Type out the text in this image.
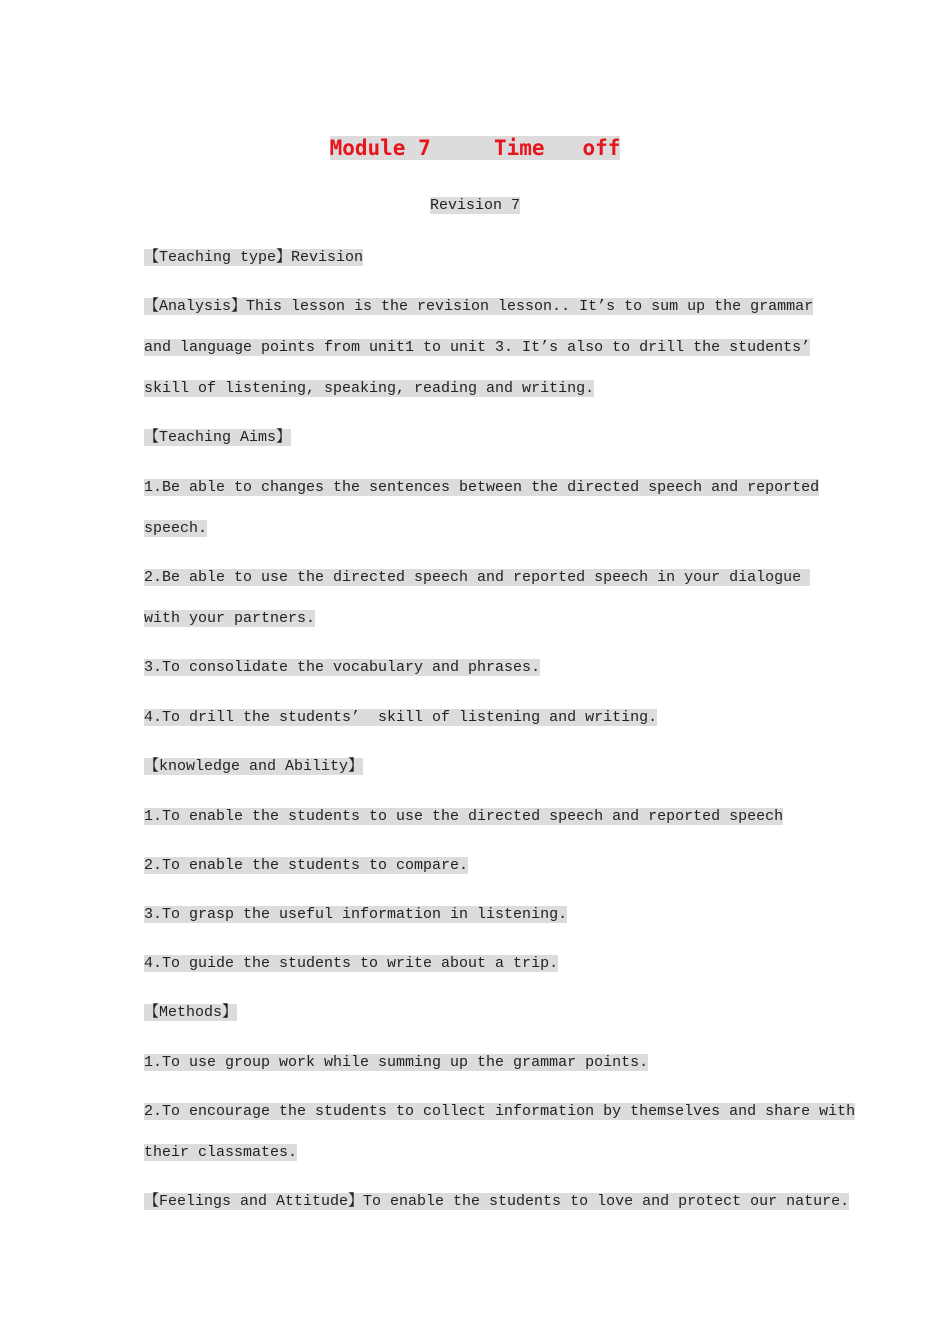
Module 7     Time   off
Revision 7
【Teaching type】Revision
【Analysis】This lesson is the revision lesson.. It’s to sum up the grammar
and language points from unit1 to unit 3. It’s also to drill the students’
skill of listening, speaking, reading and writing.
【Teaching Aims】
1.Be able to changes the sentences between the directed speech and reported
speech.
2.Be able to use the directed speech and reported speech in your dialogue
with your partners.
3.To consolidate the vocabulary and phrases.
4.To drill the students’  skill of listening and writing.
【knowledge and Ability】
1.To enable the students to use the directed speech and reported speech
2.To enable the students to compare.
3.To grasp the useful information in listening.
4.To guide the students to write about a trip.
【Methods】
1.To use group work while summing up the grammar points.
2.To encourage the students to collect information by themselves and share with
their classmates.
【Feelings and Attitude】To enable the students to love and protect our nature.
